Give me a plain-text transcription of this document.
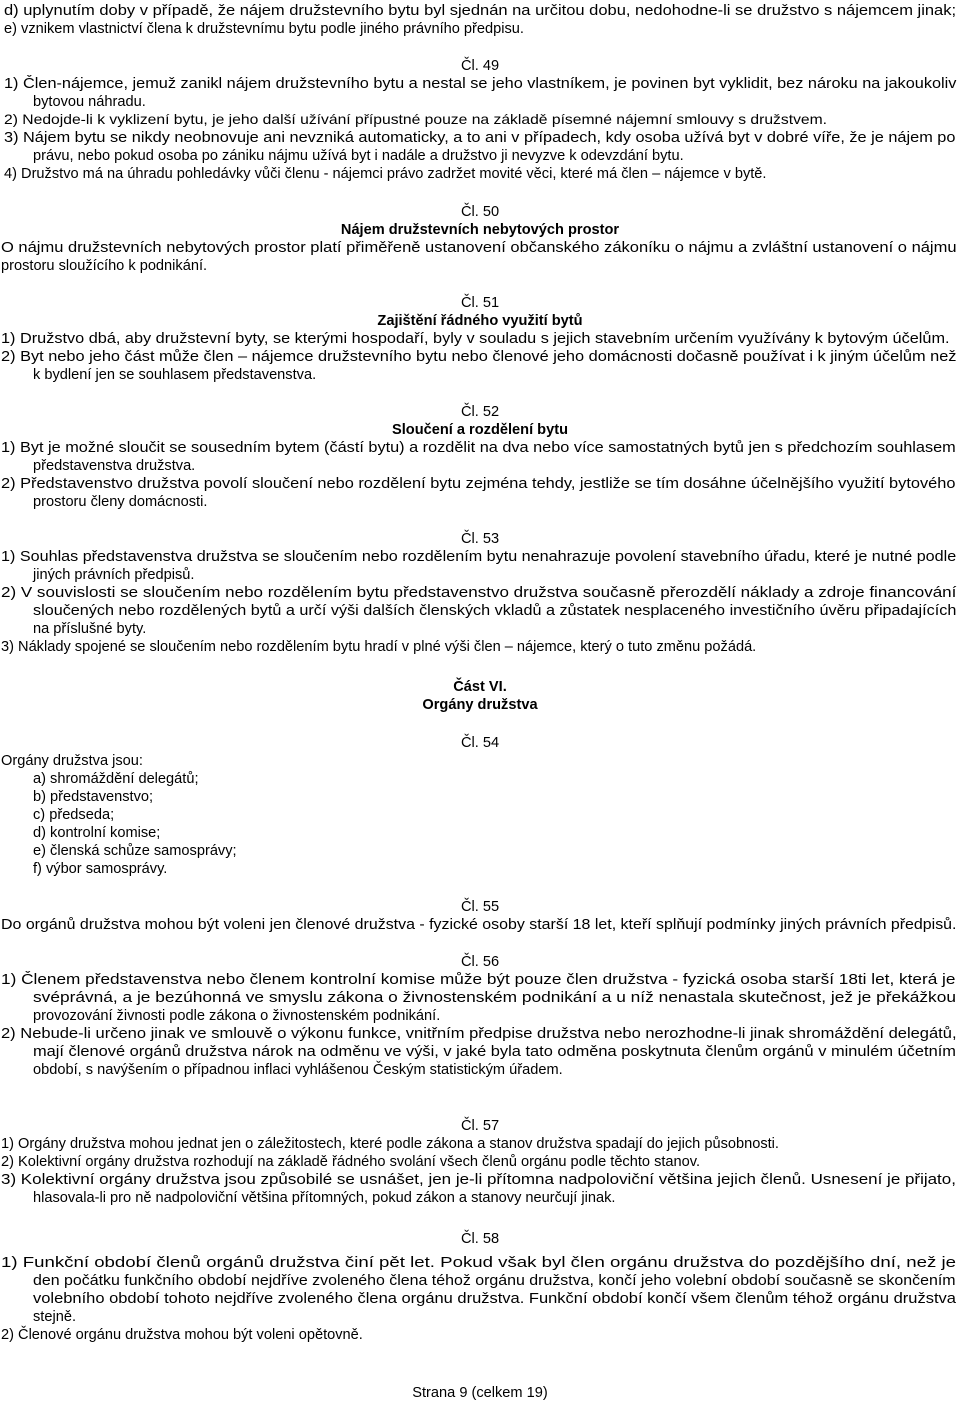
d) uplynutím doby v případě, že nájem družstevního bytu byl sjednán na určitou dobu, nedohodne-li se družstvo s nájemcem jinak;
e) vznikem vlastnictví člena k družstevnímu bytu podle jiného právního předpisu.
Čl. 49
1) Člen-nájemce, jemuž zanikl nájem družstevního bytu a nestal se jeho vlastníkem, je povinen byt vyklidit, bez nároku na jakoukoliv
bytovou náhradu.
2) Nedojde-li k vyklizení bytu, je jeho další užívání přípustné pouze na základě písemné nájemní smlouvy s družstvem.
3) Nájem bytu se nikdy neobnovuje ani nevzniká automaticky, a to ani v případech, kdy osoba užívá byt v dobré víře, že je nájem po
právu, nebo pokud osoba po zániku nájmu užívá byt i nadále a družstvo ji nevyzve k odevzdání bytu.
4) Družstvo má na úhradu pohledávky vůči členu - nájemci právo zadržet movité věci, které má člen – nájemce v bytě.
Čl. 50
Nájem družstevních nebytových prostor
O nájmu družstevních nebytových prostor platí přiměřeně ustanovení občanského zákoníku o nájmu a zvláštní ustanovení o nájmu
prostoru sloužícího k podnikání.
Čl. 51
Zajištění řádného využití bytů
1) Družstvo dbá, aby družstevní byty, se kterými hospodaří, byly v souladu s jejich stavebním určením využívány k bytovým účelům.
2) Byt nebo jeho část může člen – nájemce družstevního bytu nebo členové jeho domácnosti dočasně používat i k jiným účelům než
k bydlení jen se souhlasem představenstva.
Čl. 52
Sloučení a rozdělení bytu
1) Byt je možné sloučit se sousedním bytem (částí bytu) a rozdělit na dva nebo více samostatných bytů jen s předchozím souhlasem
představenstva družstva.
2) Představenstvo družstva povolí sloučení nebo rozdělení bytu zejména tehdy, jestliže se tím dosáhne účelnějšího využití bytového
prostoru členy domácnosti.
Čl. 53
1) Souhlas představenstva družstva se sloučením nebo rozdělením bytu nenahrazuje povolení stavebního úřadu, které je nutné podle
jiných právních předpisů.
2) V souvislosti se sloučením nebo rozdělením bytu představenstvo družstva současně přerozdělí náklady a zdroje financování
sloučených nebo rozdělených bytů a určí výši dalších členských vkladů a zůstatek nesplaceného investičního úvěru připadajících
na příslušné byty.
3) Náklady spojené se sloučením nebo rozdělením bytu hradí v plné výši člen – nájemce, který o tuto změnu požádá.
Část VI.
Orgány družstva
Čl. 54
Orgány družstva jsou:
a) shromáždění delegátů;
b) představenstvo;
c) předseda;
d) kontrolní komise;
e) členská schůze samosprávy;
f) výbor samosprávy.
Čl. 55
Do orgánů družstva mohou být voleni jen členové družstva - fyzické osoby starší 18 let, kteří splňují podmínky jiných právních předpisů.
Čl. 56
1) Členem představenstva nebo členem kontrolní komise může být pouze člen družstva - fyzická osoba starší 18ti let, která je
svéprávná, a je bezúhonná ve smyslu zákona o živnostenském podnikání a u níž nenastala skutečnost, jež je překážkou
provozování živnosti podle zákona o živnostenském podnikání.
2) Nebude-li určeno jinak ve smlouvě o výkonu funkce, vnitřním předpise družstva nebo nerozhodne-li jinak shromáždění delegátů,
mají členové orgánů družstva nárok na odměnu ve výši, v jaké byla tato odměna poskytnuta členům orgánů v minulém účetním
období, s navýšením o případnou inflaci vyhlášenou Českým statistickým úřadem.
Čl. 57
1) Orgány družstva mohou jednat jen o záležitostech, které podle zákona a stanov družstva spadají do jejich působnosti.
2) Kolektivní orgány družstva rozhodují na základě řádného svolání všech členů orgánu podle těchto stanov.
3) Kolektivní orgány družstva jsou způsobilé se usnášet, jen je-li přítomna nadpoloviční většina jejich členů. Usnesení je přijato,
hlasovala-li pro ně nadpoloviční většina přítomných, pokud zákon a stanovy neurčují jinak.
Čl. 58
1) Funkční období členů orgánů družstva činí pět let. Pokud však byl člen orgánu družstva do pozdějšího dní, než je
den počátku funkčního období nejdříve zvoleného člena téhož orgánu družstva, končí jeho volební období současně se skončením
volebního období tohoto nejdříve zvoleného člena orgánu družstva. Funkční období končí všem členům téhož orgánu družstva
stejně.
2) Členové orgánu družstva mohou být voleni opětovně.
Strana 9 (celkem 19)
